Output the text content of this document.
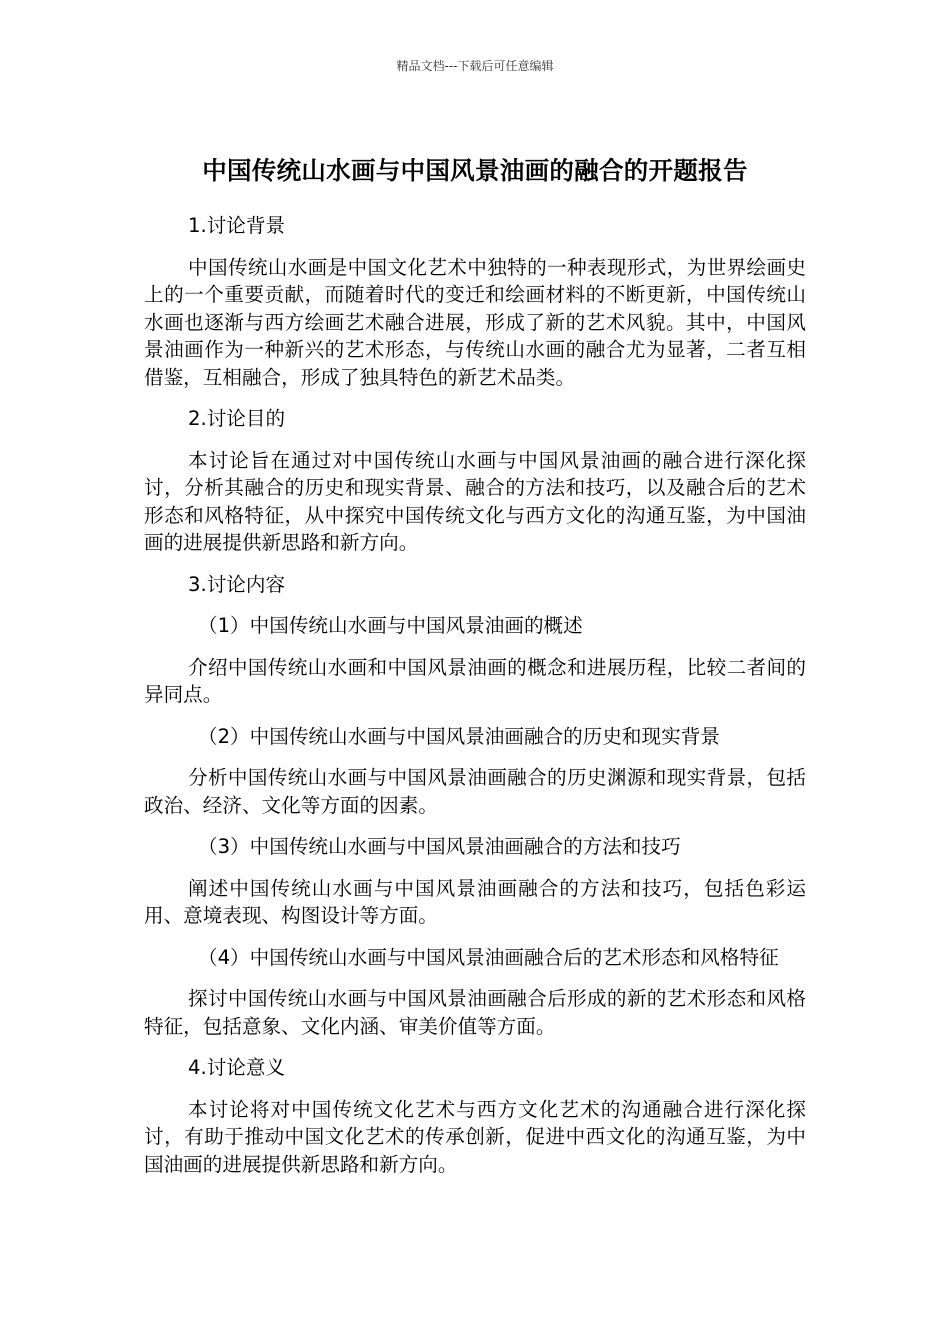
精品文档---下载后可任意编辑
中国传统山水画与中国风景油画的融合的开题报告

1.讨论背景

中国传统山水画是中国文化艺术中独特的一种表现形式，为世界绘画史上的一个重要贡献，而随着时代的变迁和绘画材料的不断更新，中国传统山水画也逐渐与西方绘画艺术融合进展，形成了新的艺术风貌。其中，中国风景油画作为一种新兴的艺术形态，与传统山水画的融合尤为显著，二者互相借鉴，互相融合，形成了独具特色的新艺术品类。

2.讨论目的

本讨论旨在通过对中国传统山水画与中国风景油画的融合进行深化探讨，分析其融合的历史和现实背景、融合的方法和技巧，以及融合后的艺术形态和风格特征，从中探究中国传统文化与西方文化的沟通互鉴，为中国油画的进展提供新思路和新方向。

3.讨论内容

（1）中国传统山水画与中国风景油画的概述

介绍中国传统山水画和中国风景油画的概念和进展历程，比较二者间的异同点。

（2）中国传统山水画与中国风景油画融合的历史和现实背景

分析中国传统山水画与中国风景油画融合的历史渊源和现实背景，包括政治、经济、文化等方面的因素。

（3）中国传统山水画与中国风景油画融合的方法和技巧

阐述中国传统山水画与中国风景油画融合的方法和技巧，包括色彩运用、意境表现、构图设计等方面。

（4）中国传统山水画与中国风景油画融合后的艺术形态和风格特征

探讨中国传统山水画与中国风景油画融合后形成的新的艺术形态和风格特征，包括意象、文化内涵、审美价值等方面。

4.讨论意义

本讨论将对中国传统文化艺术与西方文化艺术的沟通融合进行深化探讨，有助于推动中国文化艺术的传承创新，促进中西文化的沟通互鉴，为中国油画的进展提供新思路和新方向。
